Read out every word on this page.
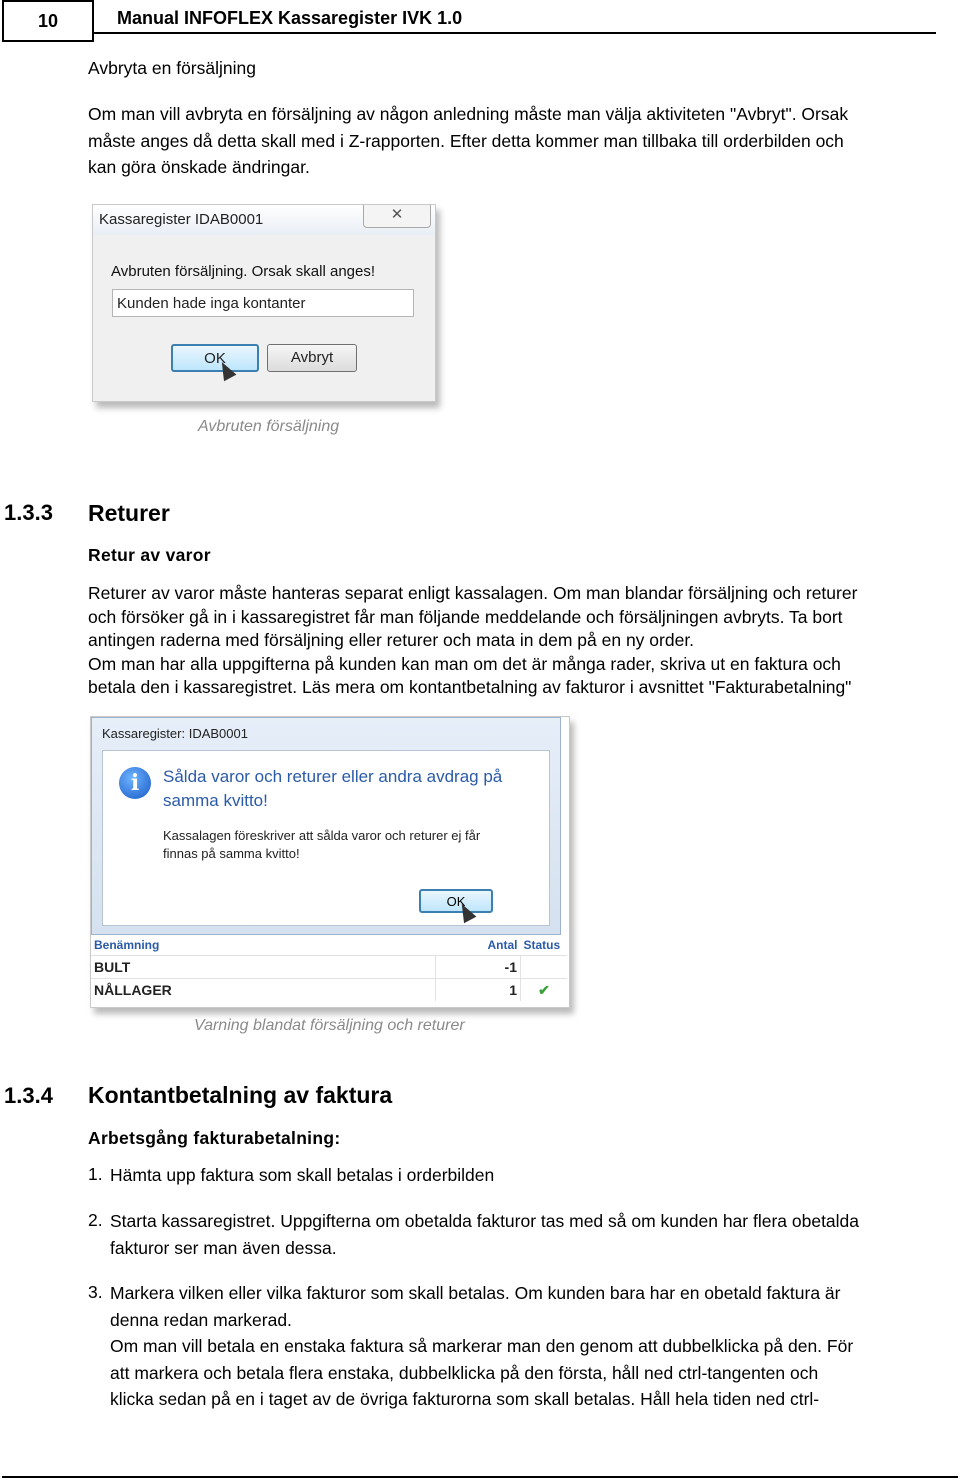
10	Manual INFOFLEX Kassaregister IVK 1.0
Avbryta en försäljning
Om man vill avbryta en försäljning av någon anledning måste man välja aktiviteten "Avbryt". Orsak
måste anges då detta skall med i Z-rapporten. Efter detta kommer man tillbaka till orderbilden och
kan göra önskade ändringar.
Kassaregister IDAB0001	✕
Avbruten försäljning. Orsak skall anges!
Kunden hade inga kontanter
OK	Avbryt
Avbruten försäljning
1.3.3 Returer
Retur av varor
Returer av varor måste hanteras separat enligt kassalagen. Om man blandar försäljning och returer
och försöker gå in i kassaregistret får man följande meddelande och försäljningen avbryts. Ta bort
antingen raderna med försäljning eller returer och mata in dem på en ny order.
Om man har alla uppgifterna på kunden kan man om det är många rader, skriva ut en faktura och
betala den i kassaregistret. Läs mera om kontantbetalning av fakturor i avsnittet "Fakturabetalning"
Kassaregister: IDAB0001
i	Sålda varor och returer eller andra avdrag på samma kvitto!
Kassalagen föreskriver att sålda varor och returer ej får finnas på samma kvitto!
OK
Benämning	Antal	Status
BULT	-1	
NÅLLAGER	1	✔
Varning blandat försäljning och returer
1.3.4 Kontantbetalning av faktura
Arbetsgång fakturabetalning:
1. Hämta upp faktura som skall betalas i orderbilden
2. Starta kassaregistret. Uppgifterna om obetalda fakturor tas med så om kunden har flera obetalda
fakturor ser man även dessa.
3. Markera vilken eller vilka fakturor som skall betalas. Om kunden bara har en obetald faktura är
denna redan markerad.
Om man vill betala en enstaka faktura så markerar man den genom att dubbelklicka på den. För
att markera och betala flera enstaka, dubbelklicka på den första, håll ned ctrl-tangenten och
klicka sedan på en i taget av de övriga fakturorna som skall betalas. Håll hela tiden ned ctrl-
